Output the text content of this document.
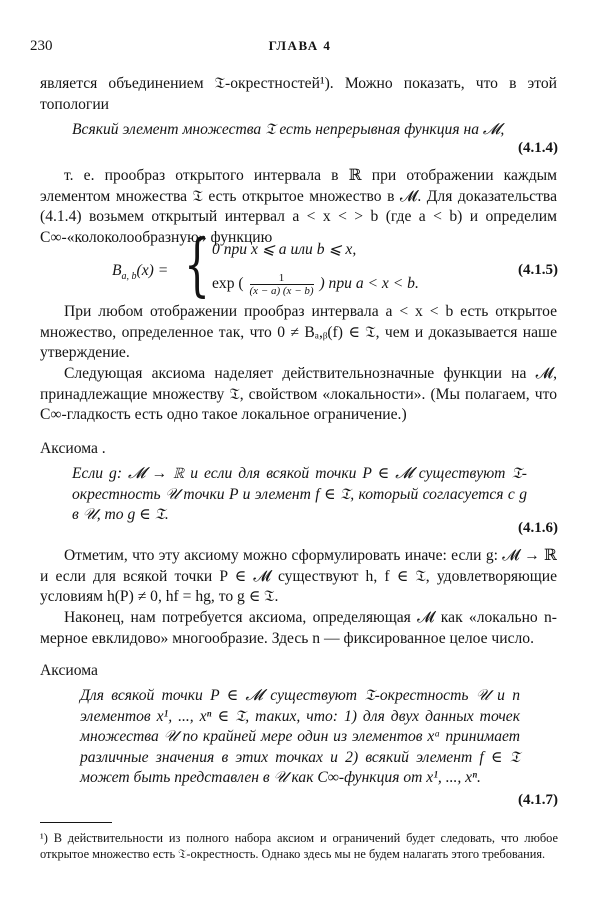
230	ГЛАВА 4

является объединением 𝔗-окрестностей¹). Можно показать, что в этой топологии

Всякий элемент множества 𝔗 есть непрерывная функция на 𝓜,

(4.1.4)

т. е. прообраз открытого интервала в ℝ при отображении каждым элементом множества 𝔗 есть открытое множество в 𝓜. Для доказательства (4.1.4) возьмем открытый интервал a < x < > b (где a < b) и определим C∞-«колоколообразную» функцию

$B_{a, b}(x)$ = { 0 при x ⩽ a или b ⩽ x,
exp ( $\frac{1}{(x - a) (x - b)}$ ) при a < x < b.
(4.1.5)

При любом отображении прообраз интервала a < x < b есть открытое множество, определенное так, что 0 ≠ Bₐ,ᵦ(f) ∈ 𝔗, чем и доказывается наше утверждение.

Следующая аксиома наделяет действительнозначные функции на 𝓜, принадлежащие множеству 𝔗, свойством «локальности». (Мы полагаем, что C∞-гладкость есть одно такое локальное ограничение.)

Аксиома .

Если g: 𝓜 → ℝ и если для всякой точки P ∈ 𝓜 существуют 𝔗-окрестность 𝒰 точки P и элемент f ∈ 𝔗, который согласуется с g в 𝒰, то g ∈ 𝔗.

(4.1.6)

Отметим, что эту аксиому можно сформулировать иначе: если g: 𝓜 → ℝ и если для всякой точки P ∈ 𝓜 существуют h, f ∈ 𝔗, удовлетворяющие условиям h(P) ≠ 0, hf = hg, то g ∈ 𝔗.

Наконец, нам потребуется аксиома, определяющая 𝓜 как «локально n-мерное евклидово» многообразие. Здесь n — фиксированное целое число.

Аксиома

Для всякой точки P ∈ 𝓜 существуют 𝔗-окрестность 𝒰 и n элементов x¹, ..., xⁿ ∈ 𝔗, таких, что: 1) для двух данных точек множества 𝒰 по крайней мере один из элементов xᵃ принимает различные значения в этих точках и 2) всякий элемент f ∈ 𝔗 может быть представлен в 𝒰 как C∞-функция от x¹, ..., xⁿ.

(4.1.7)
¹) В действительности из полного набора аксиом и ограничений будет следовать, что любое открытое множество есть 𝔗-окрестность. Однако здесь мы не будем налагать этого требования.
